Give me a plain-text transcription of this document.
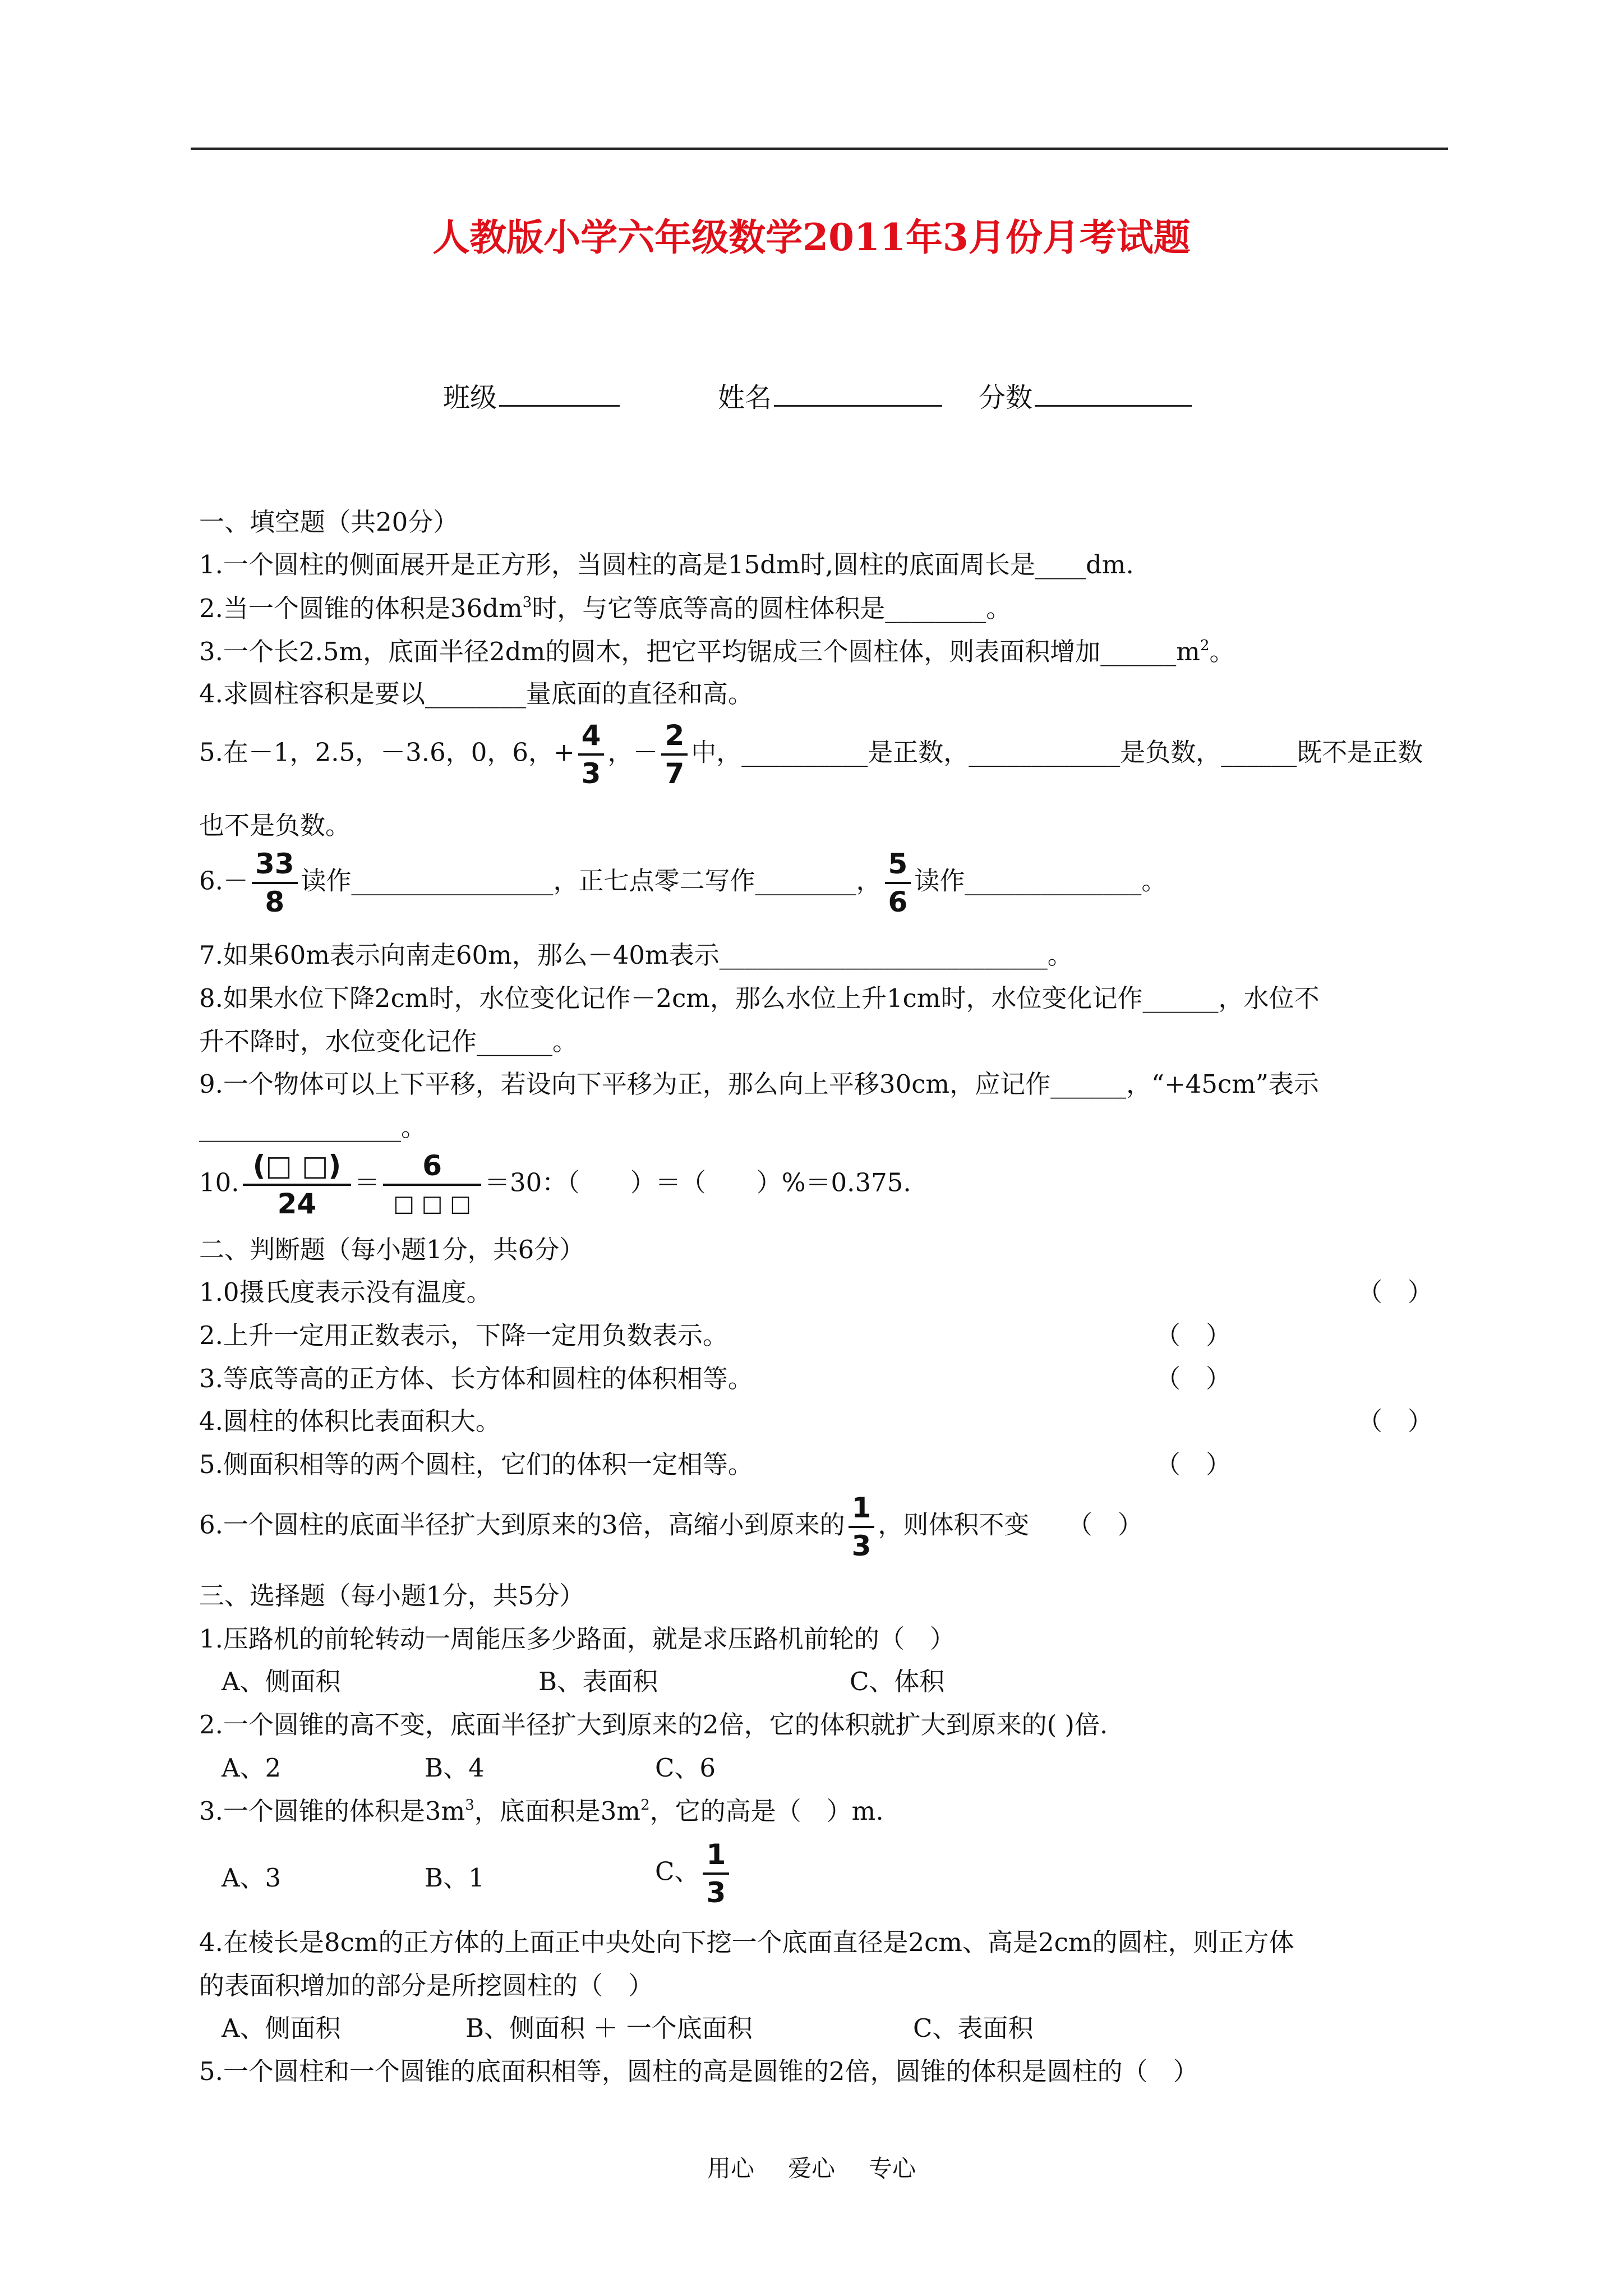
人教版小学六年级数学2011年3月份月考试题
班级	姓名	分数
一、填空题（共20分）
1.一个圆柱的侧面展开是正方形，当圆柱的高是15dm时,圆柱的底面周长是____dm.
2.当一个圆锥的体积是$36dm^3$时，与它等底等高的圆柱体积是________。
3.一个长2.5m，底面半径2dm的圆木，把它平均锯成三个圆柱体，则表面积增加$\_\_\_\_\_\_m^2$。
4.求圆柱容积是要以________量底面的直径和高。
5.在－1，2.5，－3.6，0，6，+ $\frac{4}{3}$ ，－ $\frac{2}{7}$ 中，__________是正数，____________是负数，______既不是正数
也不是负数。
$6.- \frac{33}{8}$ 读作________________，正七点零二写作________， $\frac{5}{6}$ 读作______________。
7.如果60m表示向南走60m，那么－40m表示__________________________。
8.如果水位下降2cm时，水位变化记作－2cm，那么水位上升1cm时，水位变化记作______，水位不
升不降时，水位变化记作______。
9.一个物体可以上下平移，若设向下平移为正，那么向上平移30cm，应记作______，“+45cm”表示
________________。
10. $\frac{(□ □)}{24} = \frac{6}{□ □ □} =30$：（　　）＝（　　）%＝0.375.
二、判断题（每小题1分，共6分）
1.0摄氏度表示没有温度。	（　）
2.上升一定用正数表示，下降一定用负数表示。	（　）
3.等底等高的正方体、长方体和圆柱的体积相等。	（　）
4.圆柱的体积比表面积大。	（　）
5.侧面积相等的两个圆柱，它们的体积一定相等。	（　）
6.一个圆柱的底面半径扩大到原来的3倍，高缩小到原来的 $\frac{1}{3}$ ，则体积不变　　（　）
三、选择题（每小题1分，共5分）
1.压路机的前轮转动一周能压多少路面，就是求压路机前轮的（　）
A、侧面积	B、表面积	C、体积
2.一个圆锥的高不变，底面半径扩大到原来的2倍，它的体积就扩大到原来的( )倍.
A、2	B、4	C、6
3.一个圆锥的体积是$3m^3$，底面积是$3m^2$，它的高是（　）m.
A、3	B、1	C、 $\frac{1}{3}$
4.在棱长是8cm的正方体的上面正中央处向下挖一个底面直径是2cm、高是2cm的圆柱，则正方体
的表面积增加的部分是所挖圆柱的（　）
A、侧面积	B、侧面积 ＋ 一个底面积	C、表面积
5.一个圆柱和一个圆锥的底面积相等，圆柱的高是圆锥的2倍，圆锥的体积是圆柱的（　）
用心 爱心 专心
